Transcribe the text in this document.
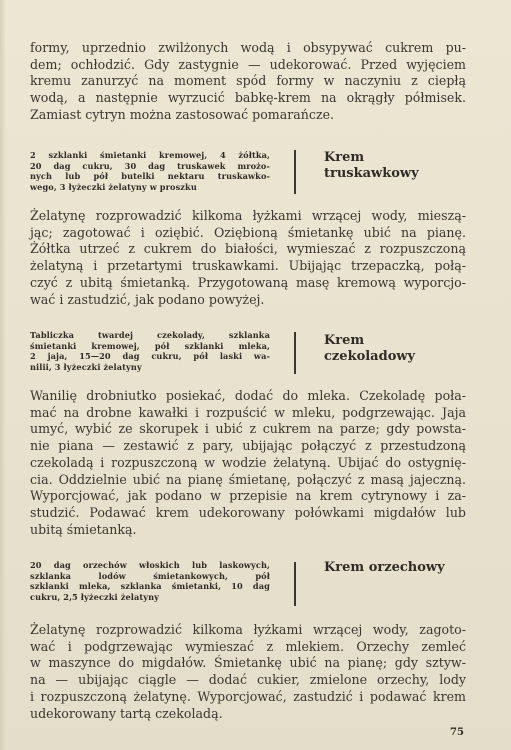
formy, uprzednio zwilżonych wodą i obsypywać cukrem pu-
dem; ochłodzić. Gdy zastygnie — udekorować. Przed wyjęciem
kremu zanurzyć na moment spód formy w naczyniu z ciepłą
wodą, a następnie wyrzucić babkę-krem na okrągły półmisek.
Zamiast cytryn można zastosować pomarańcze.

2 szklanki śmietanki kremowej, 4 żółtka,
20 dag cukru, 30 dag truskawek mrożo-
nych lub pół butelki nektaru truskawko-
wego, 3 łyżeczki żelatyny w proszku
Krem
truskawkowy

Żelatynę rozprowadzić kilkoma łyżkami wrzącej wody, mieszą-
jąc; zagotować i oziębić. Oziębioną śmietankę ubić na pianę.
Żółtka utrzeć z cukrem do białości, wymieszać z rozpuszczoną
żelatyną i przetartymi truskawkami. Ubijając trzepaczką, połą-
czyć z ubitą śmietanką. Przygotowaną masę kremową wyporcjo-
wać i zastudzić, jak podano powyżej.

Tabliczka twardej czekolady, szklanka
śmietanki kremowej, pół szklanki mleka,
2 jaja, 15—20 dag cukru, pół laski wa-
nilii, 3 łyżeczki żelatyny
Krem
czekoladowy

Wanilię drobniutko posiekać, dodać do mleka. Czekoladę poła-
mać na drobne kawałki i rozpuścić w mleku, podgrzewając. Jaja
umyć, wybić ze skorupek i ubić z cukrem na parze; gdy powsta-
nie piana — zestawić z pary, ubijając połączyć z przestudzoną
czekoladą i rozpuszczoną w wodzie żelatyną. Ubijać do ostygnię-
cia. Oddzielnie ubić na pianę śmietanę, połączyć z masą jajeczną.
Wyporcjować, jak podano w przepisie na krem cytrynowy i za-
studzić. Podawać krem udekorowany połówkami migdałów lub
ubitą śmietanką.

20 dag orzechów włoskich lub laskowych,
szklanka lodów śmietankowych, pół
szklanki mleka, szklanka śmietanki, 10 dag
cukru, 2,5 łyżeczki żelatyny
Krem orzechowy

Żelatynę rozprowadzić kilkoma łyżkami wrzącej wody, zagoto-
wać i podgrzewając wymieszać z mlekiem. Orzechy zemleć
w maszynce do migdałów. Śmietankę ubić na pianę; gdy sztyw-
na — ubijając ciągle — dodać cukier, zmielone orzechy, lody
i rozpuszczoną żelatynę. Wyporcjować, zastudzić i podawać krem
udekorowany tartą czekoladą.

75
